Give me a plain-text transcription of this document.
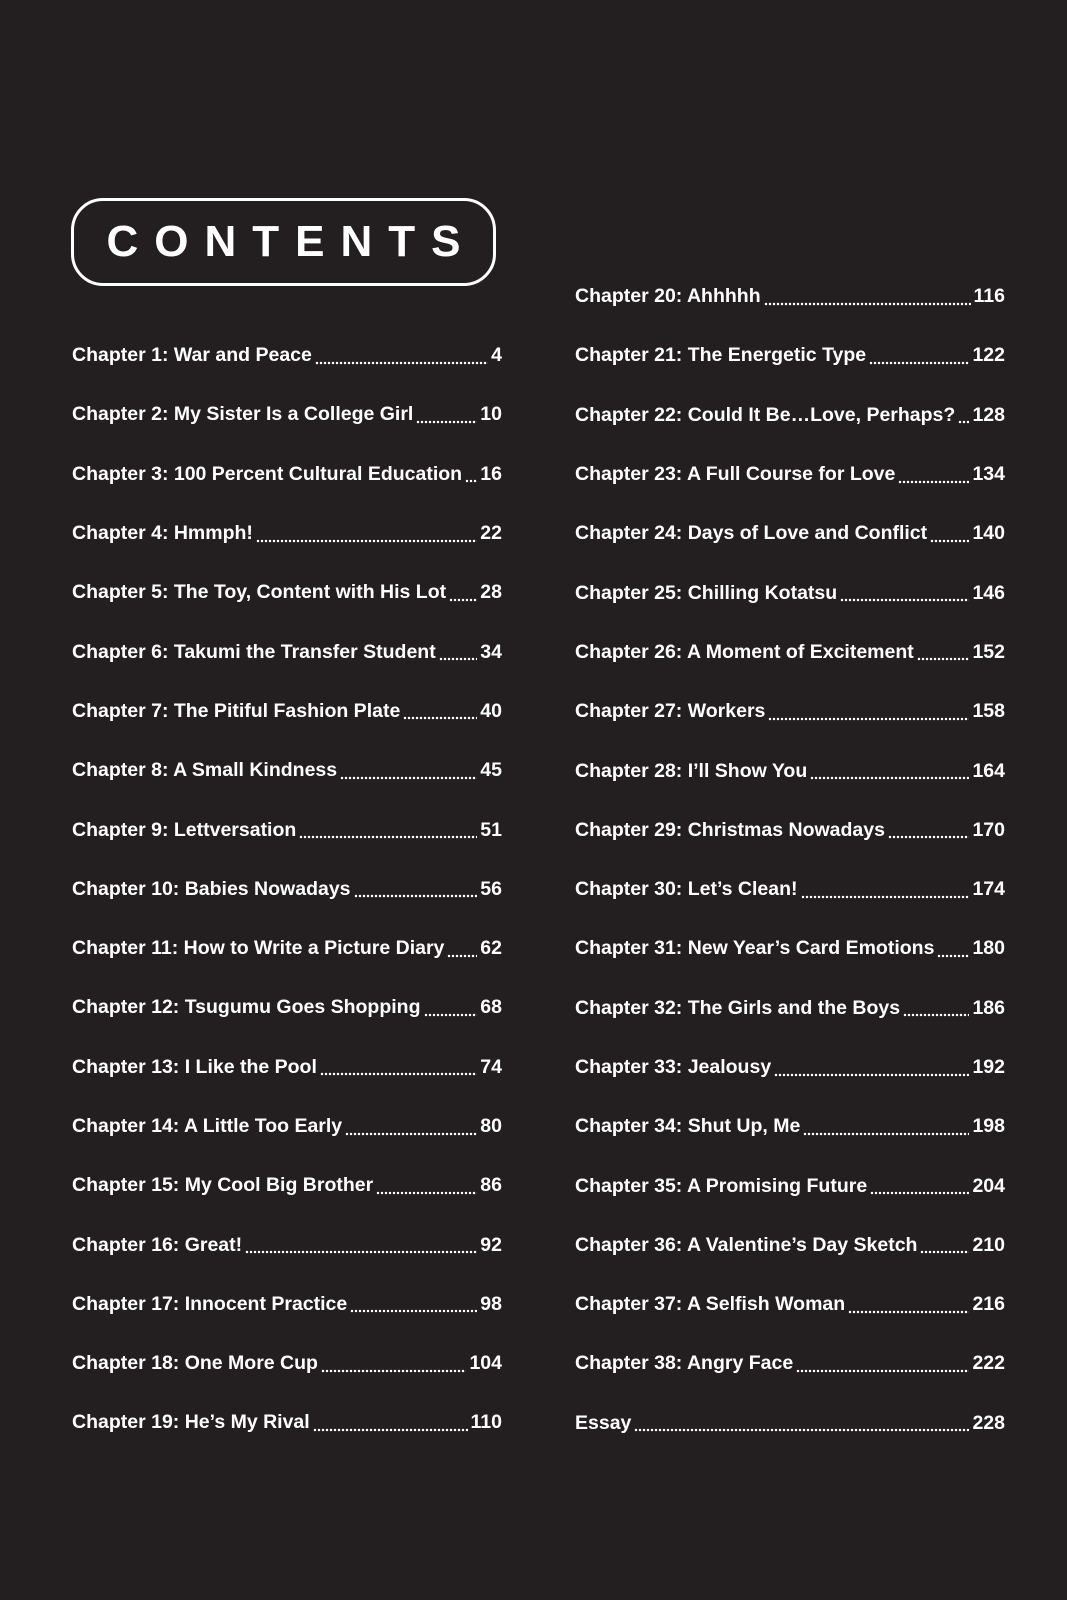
CONTENTS
Chapter 1: War and Peace	4
Chapter 2: My Sister Is a College Girl	10
Chapter 3: 100 Percent Cultural Education 16
Chapter 4: Hmmph!	22
Chapter 5: The Toy, Content with His Lot 28
Chapter 6: Takumi the Transfer Student 34
Chapter 7: The Pitiful Fashion Plate	40
Chapter 8: A Small Kindness	45
Chapter 9: Lettversation	51
Chapter 10: Babies Nowadays	56
Chapter 11: How to Write a Picture Diary 62
Chapter 12: Tsugumu Goes Shopping	68
Chapter 13: I Like the Pool	74
Chapter 14: A Little Too Early	80
Chapter 15: My Cool Big Brother	86
Chapter 16: Great!	92
Chapter 17: Innocent Practice	98
Chapter 18: One More Cup	104
Chapter 19: He’s My Rival	110
Chapter 20: Ahhhhh	116
Chapter 21: The Energetic Type	122
Chapter 22: Could It Be…Love, Perhaps? 128
Chapter 23: A Full Course for Love	134
Chapter 24: Days of Love and Conflict 140
Chapter 25: Chilling Kotatsu	146
Chapter 26: A Moment of Excitement	152
Chapter 27: Workers	158
Chapter 28: I’ll Show You	164
Chapter 29: Christmas Nowadays	170
Chapter 30: Let’s Clean!	174
Chapter 31: New Year’s Card Emotions 180
Chapter 32: The Girls and the Boys	186
Chapter 33: Jealousy	192
Chapter 34: Shut Up, Me	198
Chapter 35: A Promising Future	204
Chapter 36: A Valentine’s Day Sketch	210
Chapter 37: A Selfish Woman	216
Chapter 38: Angry Face	222
Essay	228
